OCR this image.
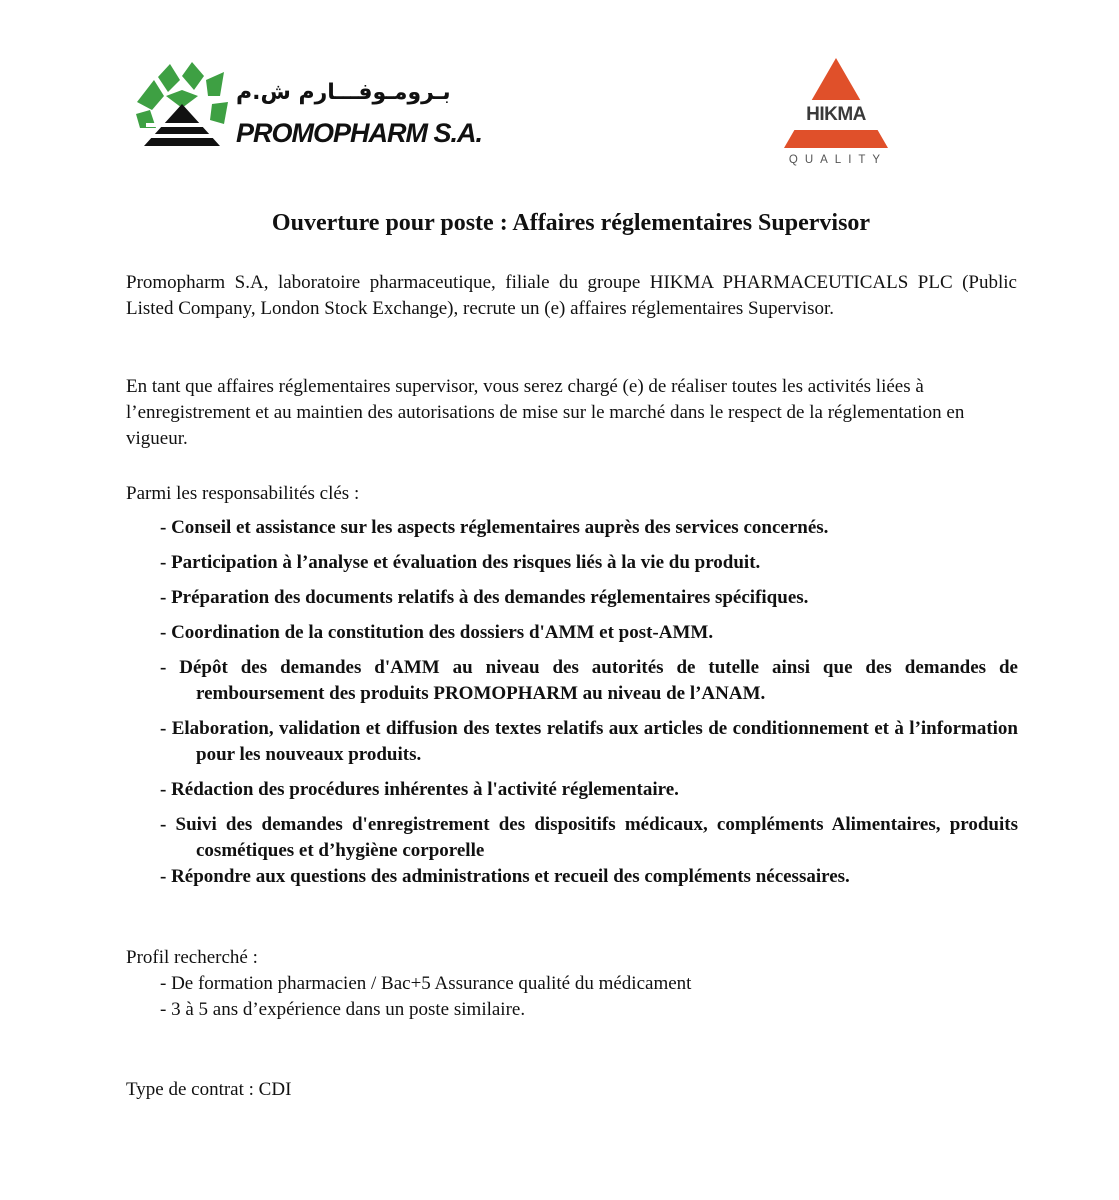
بـرومـوفـــارم ش.م
PROMOPHARM S.A.
HIKMA
QUALITY
Ouverture pour poste : Affaires réglementaires Supervisor

Promopharm S.A, laboratoire pharmaceutique, filiale du groupe HIKMA PHARMACEUTICALS PLC (Public Listed Company, London Stock Exchange), recrute un (e) affaires réglementaires Supervisor.

En tant que affaires réglementaires supervisor, vous serez chargé (e) de réaliser toutes les activités liées à l’enregistrement et au maintien des autorisations de mise sur le marché dans le respect de la réglementation en vigueur.

Parmi les responsabilités clés :

- Conseil et assistance sur les aspects réglementaires auprès des services concernés.
- Participation à l’analyse et évaluation des risques liés à la vie du produit.
- Préparation des documents relatifs à des demandes réglementaires spécifiques.
- Coordination de la constitution des dossiers d'AMM et post-AMM.
- Dépôt des demandes d'AMM au niveau des autorités de tutelle ainsi que des demandes de remboursement des produits PROMOPHARM au niveau de l’ANAM.
- Elaboration, validation et diffusion des textes relatifs aux articles de conditionnement et à l’information pour les nouveaux produits.
- Rédaction des procédures inhérentes à l'activité réglementaire.
- Suivi des demandes d'enregistrement des dispositifs médicaux, compléments Alimentaires, produits cosmétiques et d’hygiène corporelle
- Répondre aux questions des administrations et recueil des compléments nécessaires.

Profil recherché :

- De formation pharmacien / Bac+5 Assurance qualité du médicament
- 3 à 5 ans d’expérience dans un poste similaire.

Type de contrat : CDI
